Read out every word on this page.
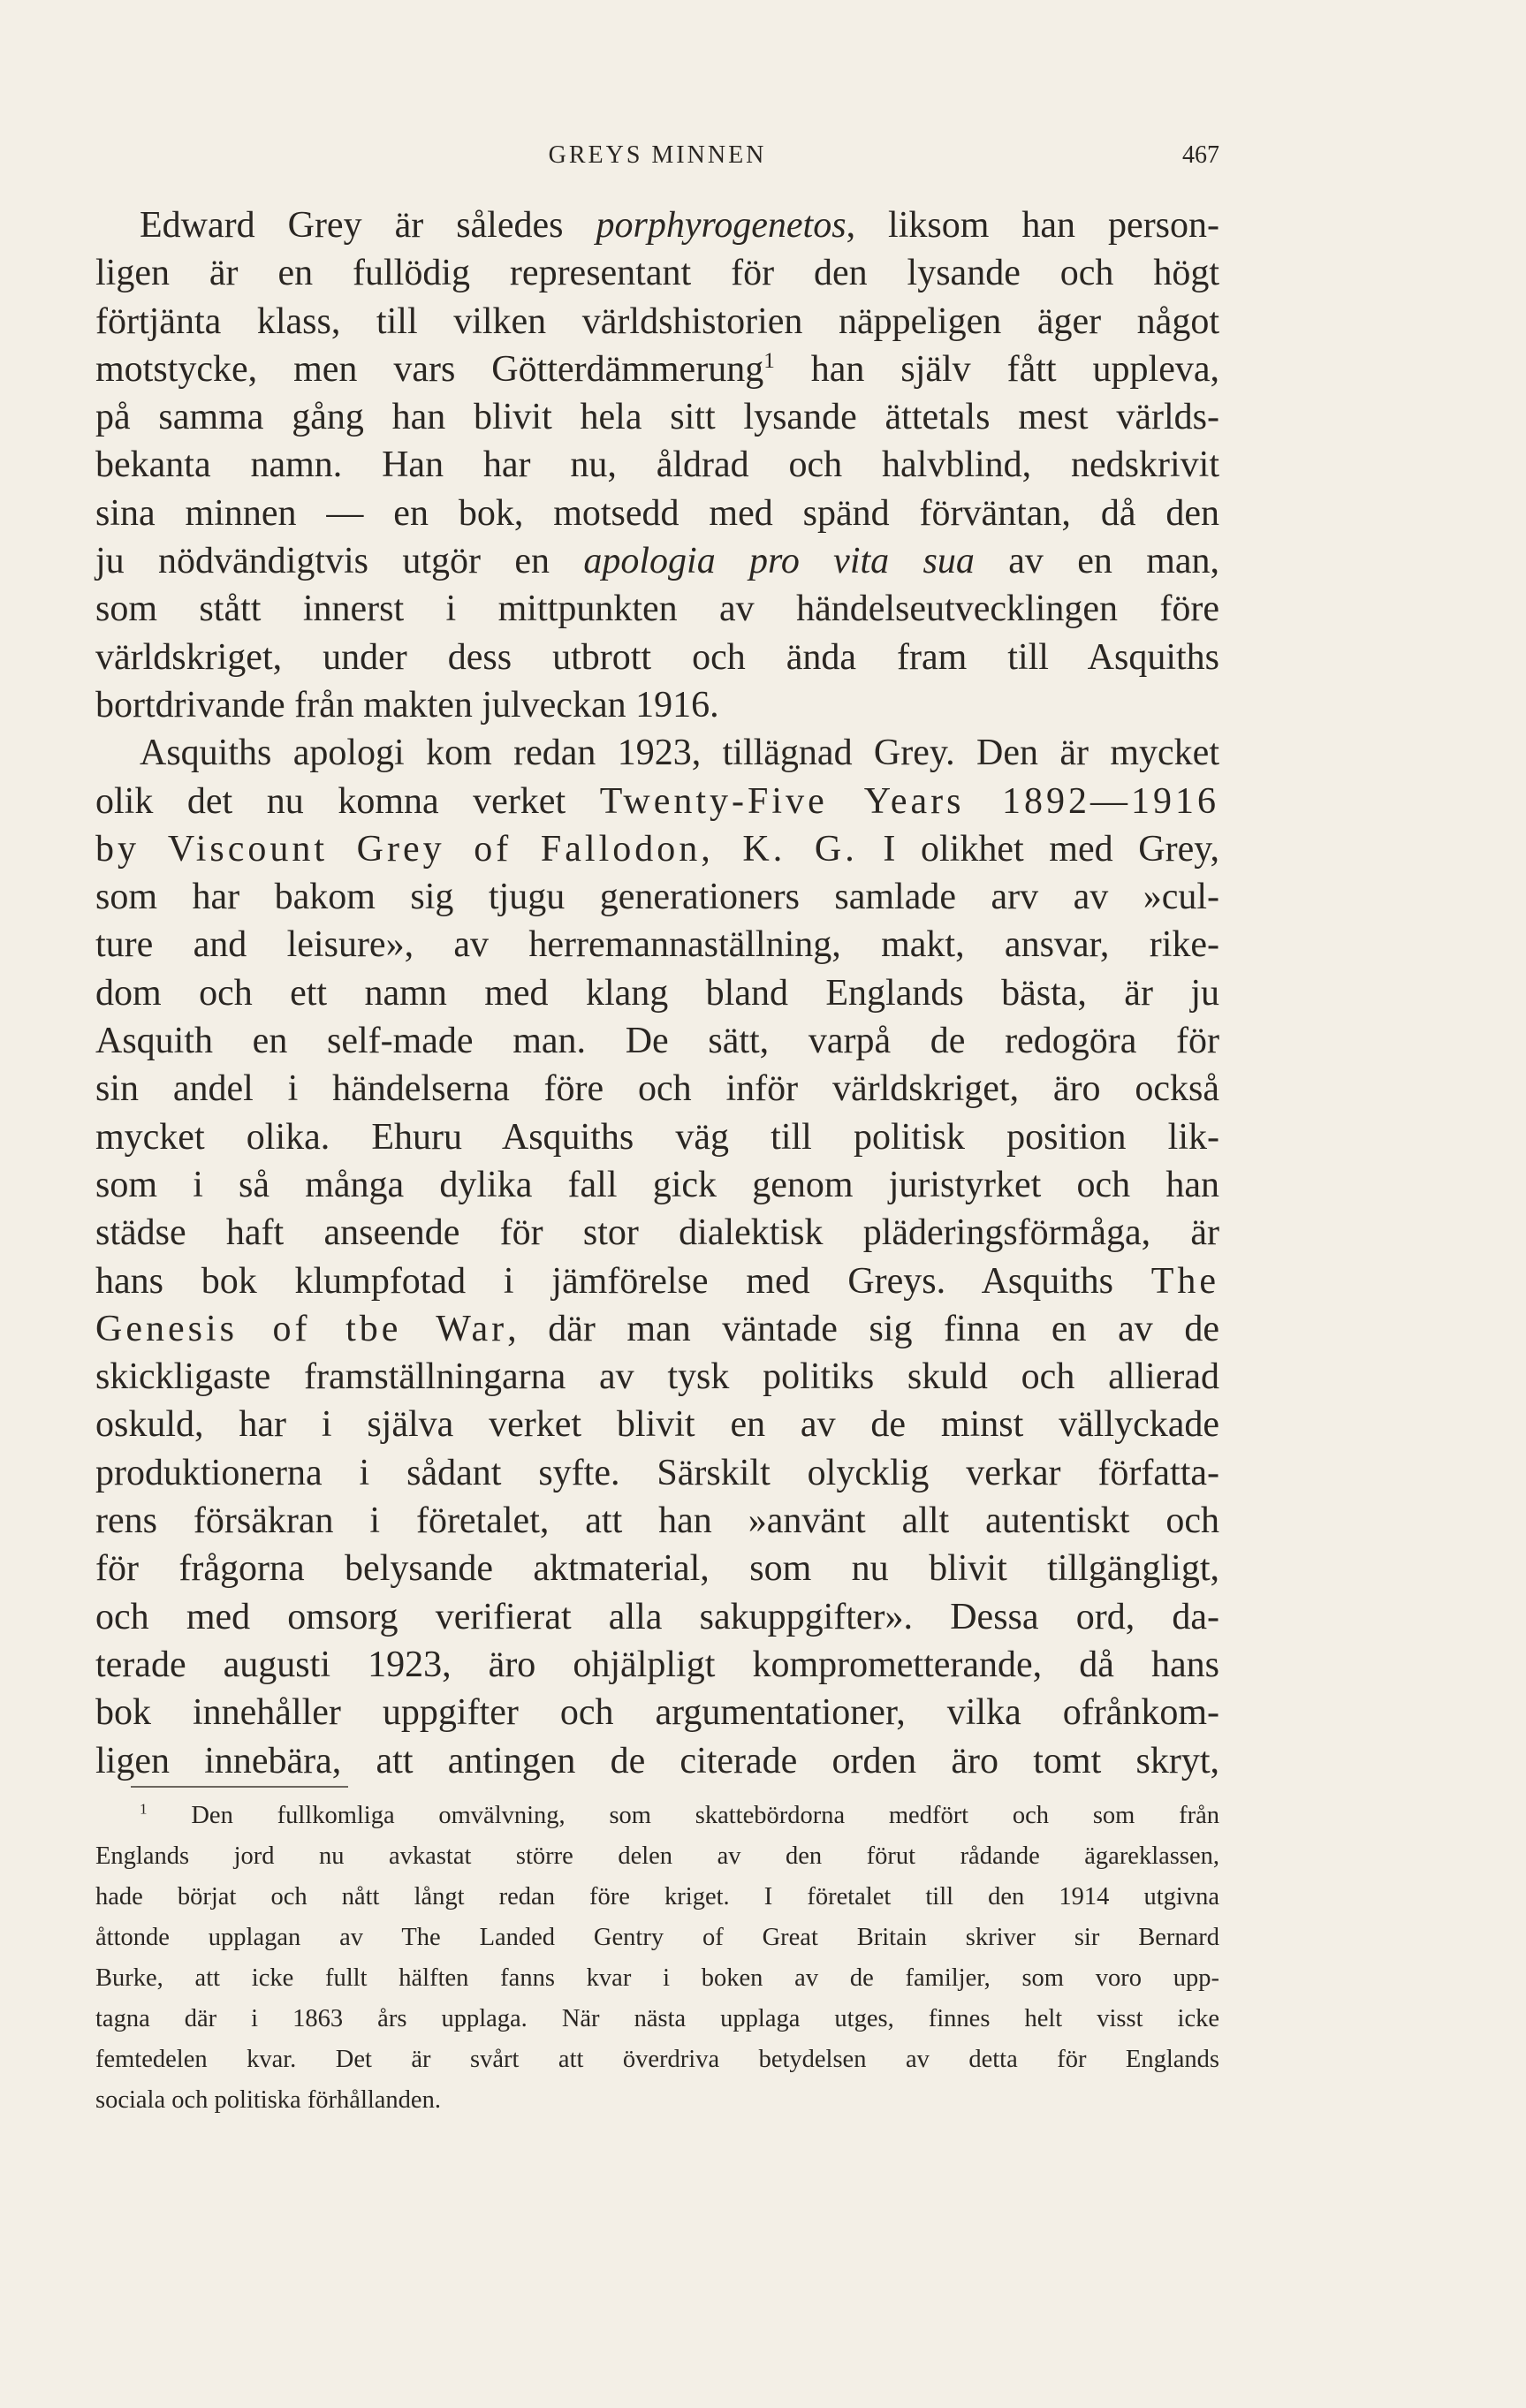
GREYS MINNEN	467
Edward Grey är således porphyrogenetos, liksom han person-
ligen är en fullödig representant för den lysande och högt
förtjänta klass, till vilken världshistorien näppeligen äger något
motstycke, men vars Götterdämmerung$^1$ han själv fått uppleva,
på samma gång han blivit hela sitt lysande ättetals mest världs-
bekanta namn. Han har nu, åldrad och halvblind, nedskrivit
sina minnen — en bok, motsedd med spänd förväntan, då den
ju nödvändigtvis utgör en apologia pro vita sua av en man,
som stått innerst i mittpunkten av händelseutvecklingen före
världskriget, under dess utbrott och ända fram till Asquiths
bortdrivande från makten julveckan 1916.
Asquiths apologi kom redan 1923, tillägnad Grey. Den är mycket
olik det nu komna verket Twenty-Five Years 1892—1916
by Viscount Grey of Fallodon, K. G. I olikhet med Grey,
som har bakom sig tjugu generationers samlade arv av »cul-
ture and leisure», av herremannaställning, makt, ansvar, rike-
dom och ett namn med klang bland Englands bästa, är ju
Asquith en self-made man. De sätt, varpå de redogöra för
sin andel i händelserna före och inför världskriget, äro också
mycket olika. Ehuru Asquiths väg till politisk position lik-
som i så många dylika fall gick genom juristyrket och han
städse haft anseende för stor dialektisk pläderingsförmåga, är
hans bok klumpfotad i jämförelse med Greys. Asquiths The
Genesis of tbe War, där man väntade sig finna en av de
skickligaste framställningarna av tysk politiks skuld och allierad
oskuld, har i själva verket blivit en av de minst vällyckade
produktionerna i sådant syfte. Särskilt olycklig verkar författa-
rens försäkran i företalet, att han »använt allt autentiskt och
för frågorna belysande aktmaterial, som nu blivit tillgängligt,
och med omsorg verifierat alla sakuppgifter». Dessa ord, da-
terade augusti 1923, äro ohjälpligt komprometterande, då hans
bok innehåller uppgifter och argumentationer, vilka ofrånkom-
ligen innebära, att antingen de citerade orden äro tomt skryt,
$^1$ Den fullkomliga omvälvning, som skattebördorna medfört och som från
Englands jord nu avkastat större delen av den förut rådande ägareklassen,
hade börjat och nått långt redan före kriget. I företalet till den 1914 utgivna
åttonde upplagan av The Landed Gentry of Great Britain skriver sir Bernard
Burke, att icke fullt hälften fanns kvar i boken av de familjer, som voro upp-
tagna där i 1863 års upplaga. När nästa upplaga utges, finnes helt visst icke
femtedelen kvar. Det är svårt att överdriva betydelsen av detta för Englands
sociala och politiska förhållanden.
